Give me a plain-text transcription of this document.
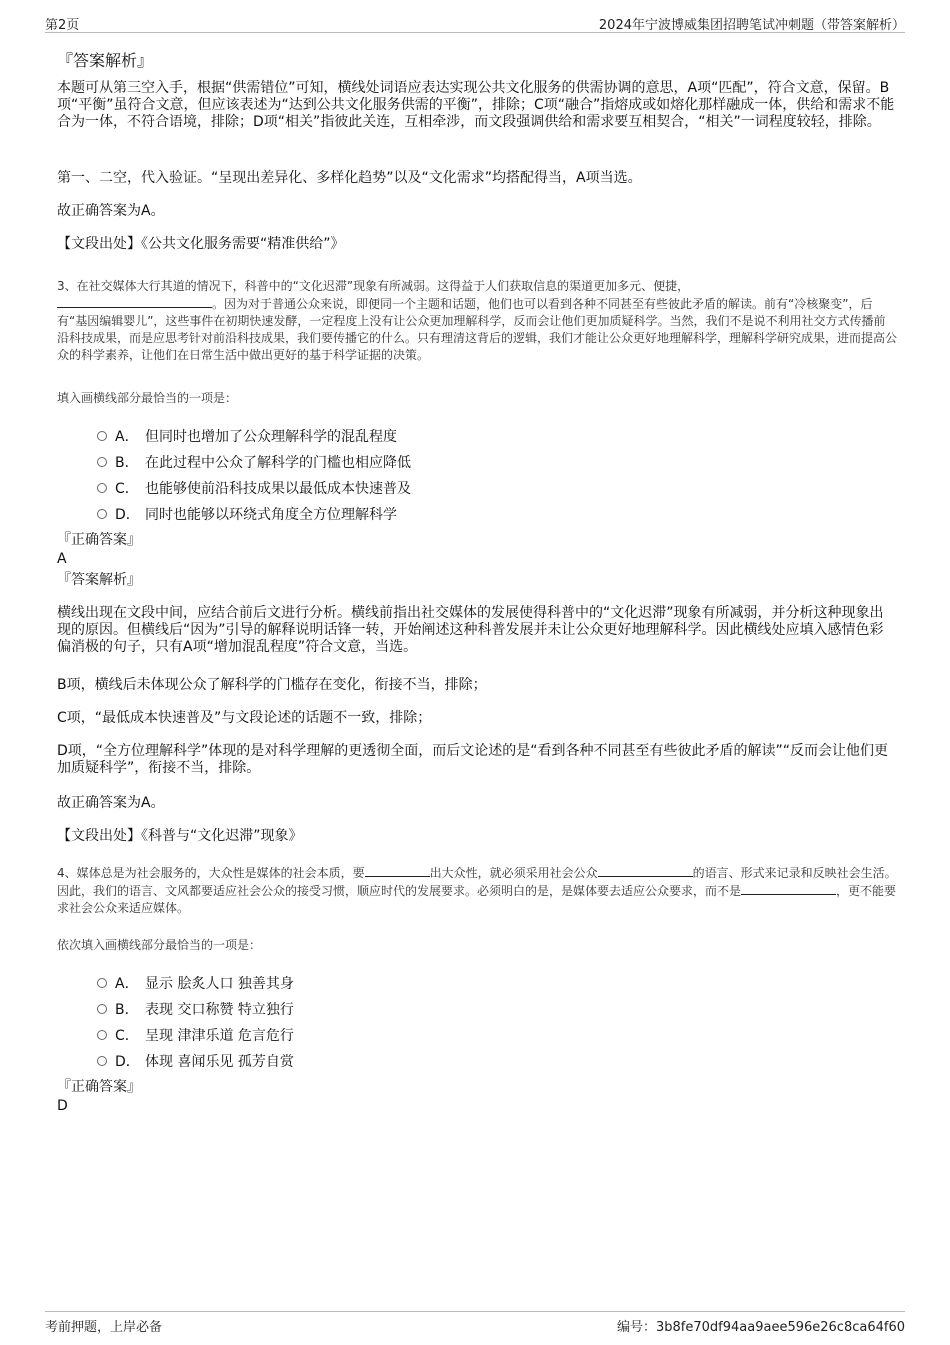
第2页	2024年宁波博威集团招聘笔试冲刺题（带答案解析）
『答案解析』

本题可从第三空入手，根据“供需错位”可知，横线处词语应表达实现公共文化服务的供需协调的意思，A项“匹配”，符合文意，保留。B项“平衡”虽符合文意，但应该表述为“达到公共文化服务供需的平衡”，排除；C项“融合”指熔成或如熔化那样融成一体，供给和需求不能合为一体，不符合语境，排除；D项“相关”指彼此关连，互相牵涉，而文段强调供给和需求要互相契合，“相关”一词程度较轻，排除。

第一、二空，代入验证。“呈现出差异化、多样化趋势”以及“文化需求”均搭配得当，A项当选。

故正确答案为A。

【文段出处】《公共文化服务需要“精准供给”》

3、在社交媒体大行其道的情况下，科普中的“文化迟滞”现象有所减弱。这得益于人们获取信息的渠道更加多元、便捷，
。因为对于普通公众来说，即便同一个主题和话题，他们也可以看到各种不同甚至有些彼此矛盾的解读。前有“冷核聚变”，后有“基因编辑婴儿”，这些事件在初期快速发酵，一定程度上没有让公众更加理解科学，反而会让他们更加质疑科学。当然，我们不是说不利用社交方式传播前沿科技成果，而是应思考针对前沿科技成果，我们要传播它的什么。只有理清这背后的逻辑，我们才能让公众更好地理解科学，理解科学研究成果，进而提高公众的科学素养，让他们在日常生活中做出更好的基于科学证据的决策。

填入画横线部分最恰当的一项是：

A． 但同时也增加了公众理解科学的混乱程度
B． 在此过程中公众了解科学的门槛也相应降低
C． 也能够使前沿科技成果以最低成本快速普及
D． 同时也能够以环绕式角度全方位理解科学

『正确答案』

A

『答案解析』

横线出现在文段中间，应结合前后文进行分析。横线前指出社交媒体的发展使得科普中的“文化迟滞”现象有所减弱，并分析这种现象出现的原因。但横线后“因为”引导的解释说明话锋一转，开始阐述这种科普发展并未让公众更好地理解科学。因此横线处应填入感情色彩偏消极的句子，只有A项“增加混乱程度”符合文意，当选。

B项，横线后未体现公众了解科学的门槛存在变化，衔接不当，排除；

C项，“最低成本快速普及”与文段论述的话题不一致，排除；

D项，“全方位理解科学”体现的是对科学理解的更透彻全面，而后文论述的是“看到各种不同甚至有些彼此矛盾的解读”“反而会让他们更加质疑科学”，衔接不当，排除。

故正确答案为A。

【文段出处】《科普与“文化迟滞”现象》

4、媒体总是为社会服务的，大众性是媒体的社会本质，要	出大众性，就必须采用社会公众	的语言、形式来记录和反映社会生活。因此，我们的语言、文风都要适应社会公众的接受习惯，顺应时代的发展要求。必须明白的是，是媒体要去适应公众要求，而不是	，更不能要求社会公众来适应媒体。

依次填入画横线部分最恰当的一项是：

A． 显示 脍炙人口 独善其身
B． 表现 交口称赞 特立独行
C． 呈现 津津乐道 危言危行
D． 体现 喜闻乐见 孤芳自赏

『正确答案』

D

考前押题，上岸必备	编号：3b8fe70df94aa9aee596e26c8ca64f60
